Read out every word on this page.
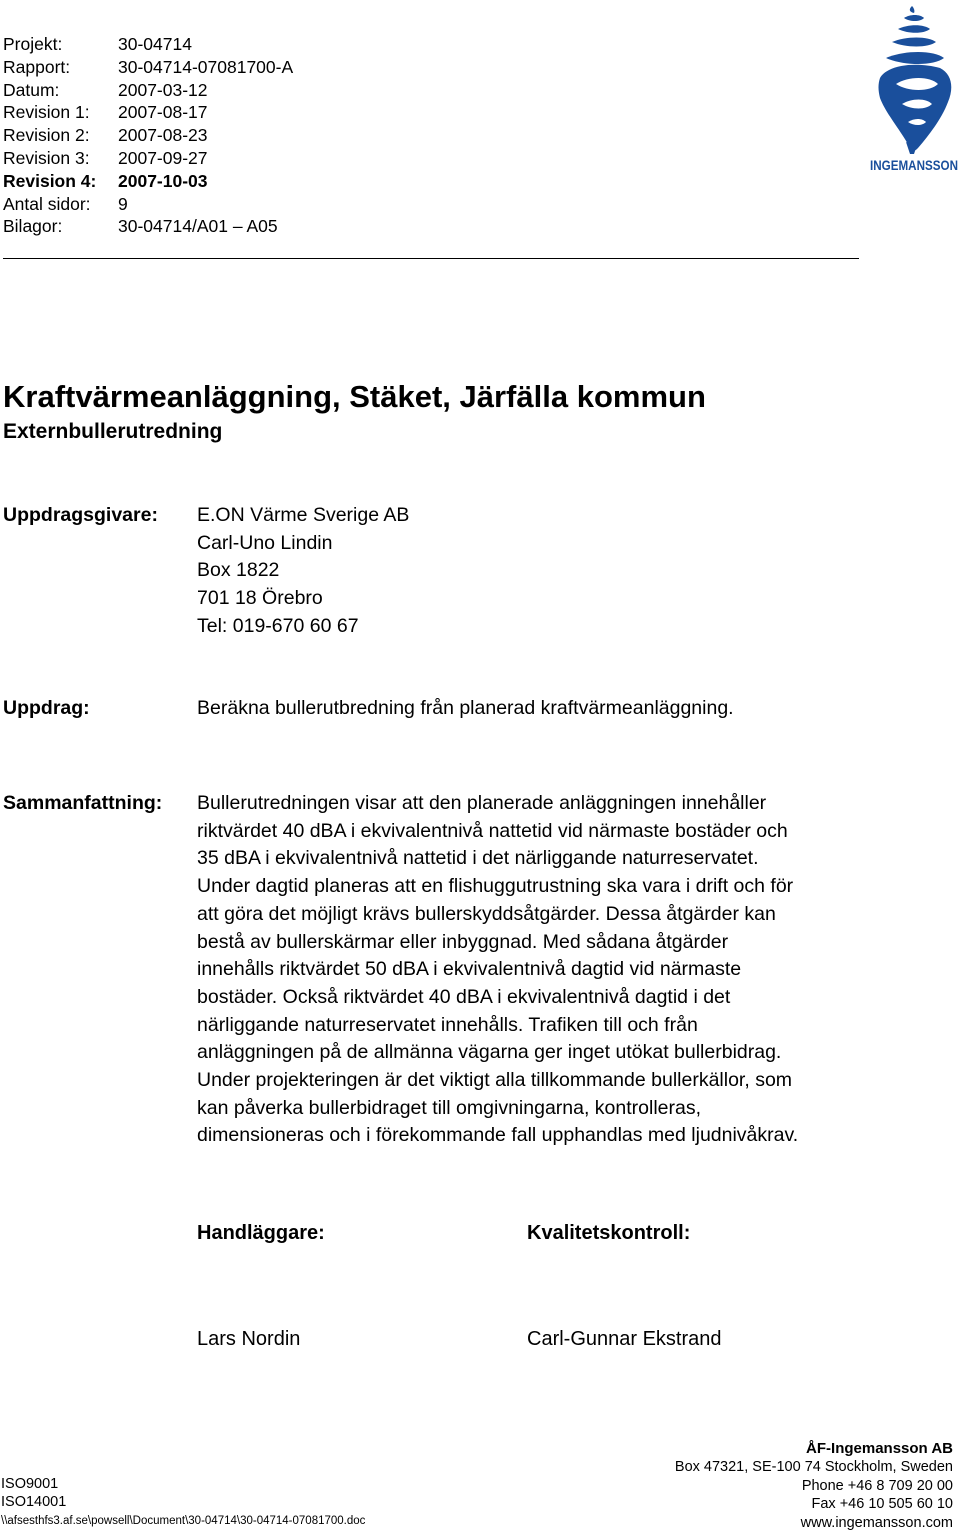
Projekt:	30-04714
Rapport:	30-04714-07081700-A
Datum:	2007-03-12
Revision 1:	2007-08-17
Revision 2:	2007-08-23
Revision 3:	2007-09-27
Revision 4:	2007-10-03
Antal sidor:	9
Bilagor:	30-04714/A01 – A05
INGEMANSSON
Kraftvärmeanläggning, Stäket, Järfälla kommun
Externbullerutredning
Uppdragsgivare: E.ON Värme Sverige AB
Carl-Uno Lindin
Box 1822
701 18 Örebro
Tel: 019-670 60 67
Uppdrag:	Beräkna bullerutbredning från planerad kraftvärmeanläggning.
Sammanfattning: Bullerutredningen visar att den planerade anläggningen innehåller
riktvärdet 40 dBA i ekvivalentnivå nattetid vid närmaste bostäder och
35 dBA i ekvivalentnivå nattetid i det närliggande naturreservatet.
Under dagtid planeras att en flishuggutrustning ska vara i drift och för
att göra det möjligt krävs bullerskyddsåtgärder. Dessa åtgärder kan
bestå av bullerskärmar eller inbyggnad. Med sådana åtgärder
innehålls riktvärdet 50 dBA i ekvivalentnivå dagtid vid närmaste
bostäder. Också riktvärdet 40 dBA i ekvivalentnivå dagtid i det
närliggande naturreservatet innehålls. Trafiken till och från
anläggningen på de allmänna vägarna ger inget utökat bullerbidrag.
Under projekteringen är det viktigt alla tillkommande bullerkällor, som
kan påverka bullerbidraget till omgivningarna, kontrolleras,
dimensioneras och i förekommande fall upphandlas med ljudnivåkrav.
Handläggare:	Kvalitetskontroll:
Lars Nordin	Carl-Gunnar Ekstrand
ISO9001
ISO14001
\\afsesthfs3.af.se\powsell\Document\30-04714\30-04714-07081700.doc
ÅF-Ingemansson AB
Box 47321, SE-100 74 Stockholm, Sweden
Phone +46 8 709 20 00
Fax +46 10 505 60 10
www.ingemansson.com
